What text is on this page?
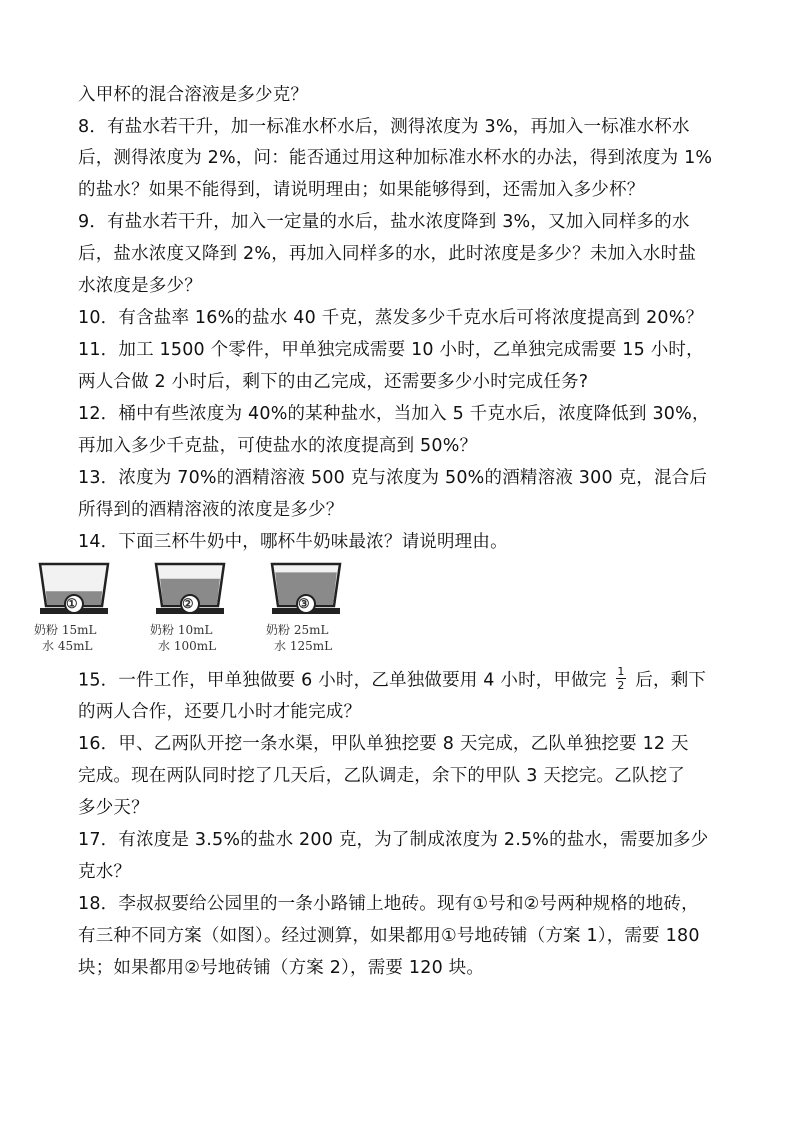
入甲杯的混合溶液是多少克？
8．有盐水若干升，加一标准水杯水后，测得浓度为 3%，再加入一标准水杯水
后，测得浓度为 2%，问：能否通过用这种加标准水杯水的办法，得到浓度为 1%
的盐水？如果不能得到，请说明理由；如果能够得到，还需加入多少杯？
9．有盐水若干升，加入一定量的水后，盐水浓度降到 3%，又加入同样多的水
后，盐水浓度又降到 2%，再加入同样多的水，此时浓度是多少？未加入水时盐
水浓度是多少？
10．有含盐率 16%的盐水 40 千克，蒸发多少千克水后可将浓度提高到 20%？
11．加工 1500 个零件，甲单独完成需要 10 小时，乙单独完成需要 15 小时，
两人合做 2 小时后，剩下的由乙完成，还需要多少小时完成任务?
12．桶中有些浓度为 40%的某种盐水，当加入 5 千克水后，浓度降低到 30%，
再加入多少千克盐，可使盐水的浓度提高到 50%？
13．浓度为 70%的酒精溶液 500 克与浓度为 50%的酒精溶液 300 克，混合后
所得到的酒精溶液的浓度是多少？
14．下面三杯牛奶中，哪杯牛奶味最浓？请说明理由。
①
奶粉 15mL
水 45mL
②
奶粉 10mL
水 100mL
③
奶粉 25mL
水 125mL
15．一件工作，甲单独做要 6 小时，乙单独做要用 4 小时，甲做完 $\frac{1}{2}$ 后，剩下
的两人合作，还要几小时才能完成？
16．甲、乙两队开挖一条水渠，甲队单独挖要 8 天完成，乙队单独挖要 12 天
完成。现在两队同时挖了几天后，乙队调走，余下的甲队 3 天挖完。乙队挖了
多少天？
17．有浓度是 3.5%的盐水 200 克，为了制成浓度为 2.5%的盐水，需要加多少
克水？
18．李叔叔要给公园里的一条小路铺上地砖。现有①号和②号两种规格的地砖，
有三种不同方案（如图）。经过测算，如果都用①号地砖铺（方案 1），需要 180
块；如果都用②号地砖铺（方案 2），需要 120 块。
